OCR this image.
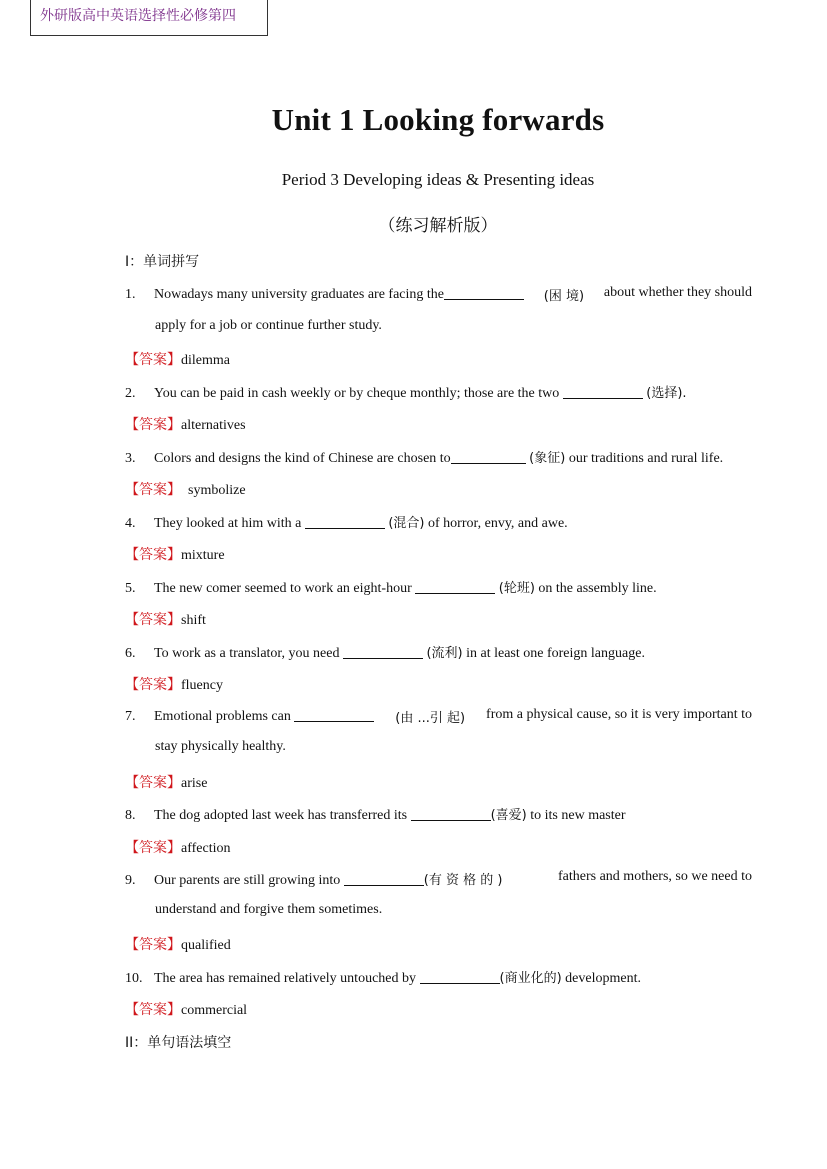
外研版高中英语选择性必修第四
Unit 1 Looking forwards
Period 3 Developing ideas & Presenting ideas
（练习解析版）
I：单词拼写
1. Nowadays many university graduates are facing the	(困 境) about whether they should
apply for a job or continue further study.
【答案】dilemma
2. You can be paid in cash weekly or by cheque monthly; those are the two	(选择).
【答案】alternatives
3. Colors and designs the kind of Chinese are chosen to	(象征) our traditions and rural life.
【答案】 symbolize
4. They looked at him with a	(混合) of horror, envy, and awe.
【答案】mixture
5. The new comer seemed to work an eight-hour	(轮班) on the assembly line.
【答案】shift
6. To work as a translator, you need	(流利) in at least one foreign language.
【答案】fluency
7. Emotional problems can	(由 ...引 起) from a physical cause, so it is very important to
stay physically healthy.
【答案】arise
8. The dog adopted last week has transferred its	(喜爱) to its new master
【答案】affection
9. Our parents are still growing into	(有 资 格 的 )	fathers and mothers, so we need to
understand and forgive them sometimes.
【答案】qualified
10. The area has remained relatively untouched by	(商业化的) development.
【答案】commercial
II：单句语法填空
